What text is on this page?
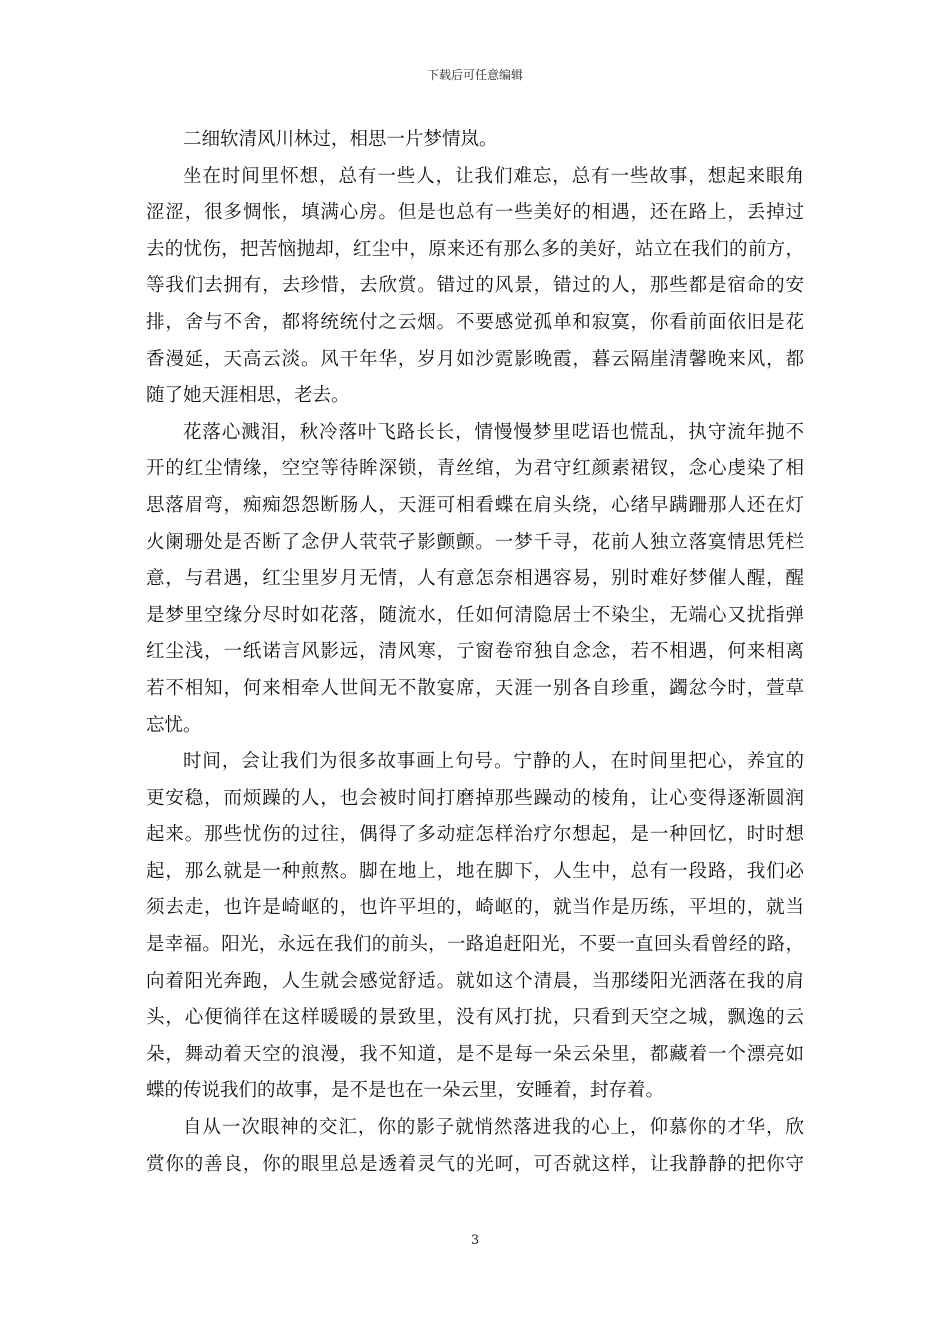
下载后可任意编辑
二细软清风川林过，相思一片梦情岚。
坐在时间里怀想，总有一些人，让我们难忘，总有一些故事，想起来眼角
涩涩，很多惆怅，填满心房。但是也总有一些美好的相遇，还在路上，丢掉过
去的忧伤，把苦恼抛却，红尘中，原来还有那么多的美好，站立在我们的前方，
等我们去拥有，去珍惜，去欣赏。错过的风景，错过的人，那些都是宿命的安
排，舍与不舍，都将统统付之云烟。不要感觉孤单和寂寞，你看前面依旧是花
香漫延，天高云淡。风干年华，岁月如沙霓影晚霞，暮云隔崖清馨晚来风，都
随了她天涯相思，老去。
花落心溅泪，秋冷落叶飞路长长，情慢慢梦里呓语也慌乱，执守流年抛不
开的红尘情缘，空空等待眸深锁，青丝绾，为君守红颜素裙钗，念心虔染了相
思落眉弯，痴痴怨怨断肠人，天涯可相看蝶在肩头绕，心绪早蹒跚那人还在灯
火阑珊处是否断了念伊人茕茕孑影颤颤。一梦千寻，花前人独立落寞情思凭栏
意，与君遇，红尘里岁月无情，人有意怎奈相遇容易，别时难好梦催人醒，醒
是梦里空缘分尽时如花落，随流水，任如何清隐居士不染尘，无端心又扰指弹
红尘浅，一纸诺言风影远，清风寒，亍窗卷帘独自念念，若不相遇，何来相离
若不相知，何来相牵人世间无不散宴席，天涯一别各自珍重，蠲忿今时，萱草
忘忧。
时间，会让我们为很多故事画上句号。宁静的人，在时间里把心，养宜的
更安稳，而烦躁的人，也会被时间打磨掉那些躁动的棱角，让心变得逐渐圆润
起来。那些忧伤的过往，偶得了多动症怎样治疗尔想起，是一种回忆，时时想
起，那么就是一种煎熬。脚在地上，地在脚下，人生中，总有一段路，我们必
须去走，也许是崎岖的，也许平坦的，崎岖的，就当作是历练，平坦的，就当
是幸福。阳光，永远在我们的前头，一路追赶阳光，不要一直回头看曾经的路，
向着阳光奔跑，人生就会感觉舒适。就如这个清晨，当那缕阳光洒落在我的肩
头，心便徜徉在这样暖暖的景致里，没有风打扰，只看到天空之城，飘逸的云
朵，舞动着天空的浪漫，我不知道，是不是每一朵云朵里，都藏着一个漂亮如
蝶的传说我们的故事，是不是也在一朵云里，安睡着，封存着。
自从一次眼神的交汇，你的影子就悄然落进我的心上，仰慕你的才华，欣
赏你的善良，你的眼里总是透着灵气的光呵，可否就这样，让我静静的把你守
3
